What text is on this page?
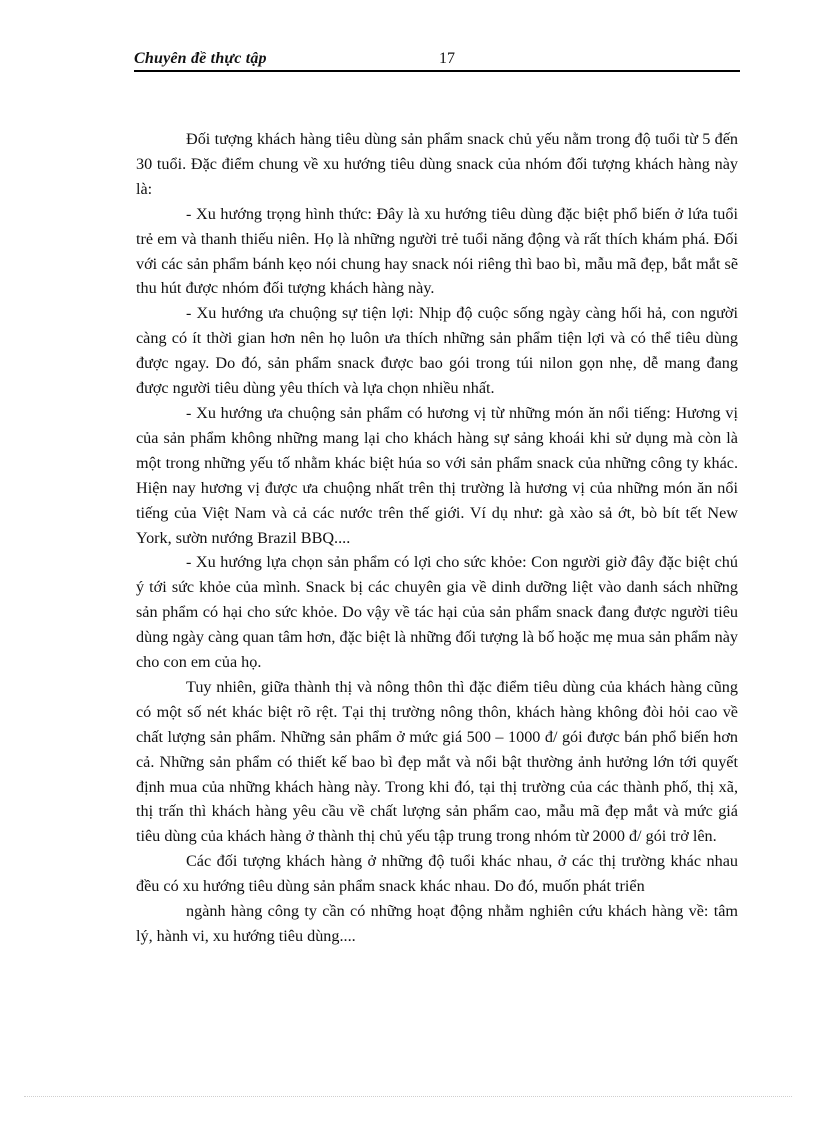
Chuyên đề thực tập	17

Đối tượng khách hàng tiêu dùng sản phẩm snack chủ yếu nằm trong độ tuổi từ 5 đến 30 tuổi. Đặc điểm chung về xu hướng tiêu dùng snack của nhóm đối tượng khách hàng này là:

- Xu hướng trọng hình thức: Đây là xu hướng tiêu dùng đặc biệt phổ biến ở lứa tuổi trẻ em và thanh thiếu niên. Họ là những người trẻ tuổi năng động và rất thích khám phá. Đối với các sản phẩm bánh kẹo nói chung hay snack nói riêng thì bao bì, mẫu mã đẹp, bắt mắt sẽ thu hút được nhóm đối tượng khách hàng này.

- Xu hướng ưa chuộng sự tiện lợi: Nhịp độ cuộc sống ngày càng hối hả, con người càng có ít thời gian hơn nên họ luôn ưa thích những sản phẩm tiện lợi và có thể tiêu dùng được ngay. Do đó, sản phẩm snack được bao gói trong túi nilon gọn nhẹ, dễ mang đang được người tiêu dùng yêu thích và lựa chọn nhiều nhất.

- Xu hướng ưa chuộng sản phẩm có hương vị từ những món ăn nổi tiếng: Hương vị của sản phẩm không những mang lại cho khách hàng sự sảng khoái khi sử dụng mà còn là một trong những yếu tố nhằm khác biệt húa so với sản phẩm snack của những công ty khác. Hiện nay hương vị được ưa chuộng nhất trên thị trường là hương vị của những món ăn nổi tiếng của Việt Nam và cả các nước trên thế giới. Ví dụ như: gà xào sả ớt, bò bít tết New York, sườn nướng Brazil BBQ....

- Xu hướng lựa chọn sản phẩm có lợi cho sức khỏe: Con người giờ đây đặc biệt chú ý tới sức khỏe của mình. Snack bị các chuyên gia về dinh dưỡng liệt vào danh sách những sản phẩm có hại cho sức khỏe. Do vậy về tác hại của sản phẩm snack đang được người tiêu dùng ngày càng quan tâm hơn, đặc biệt là những đối tượng là bố hoặc mẹ mua sản phẩm này cho con em của họ.

Tuy nhiên, giữa thành thị và nông thôn thì đặc điểm tiêu dùng của khách hàng cũng có một số nét khác biệt rõ rệt. Tại thị trường nông thôn, khách hàng không đòi hỏi cao về chất lượng sản phẩm. Những sản phẩm ở mức giá 500 – 1000 đ/ gói được bán phổ biến hơn cả. Những sản phẩm có thiết kế bao bì đẹp mắt và nổi bật thường ảnh hưởng lớn tới quyết định mua của những khách hàng này. Trong khi đó, tại thị trường của các thành phố, thị xã, thị trấn thì khách hàng yêu cầu về chất lượng sản phẩm cao, mẫu mã đẹp mắt và mức giá tiêu dùng của khách hàng ở thành thị chủ yếu tập trung trong nhóm từ 2000 đ/ gói trở lên.

Các đối tượng khách hàng ở những độ tuổi khác nhau, ở các thị trường khác nhau đều có xu hướng tiêu dùng sản phẩm snack khác nhau. Do đó, muốn phát triển

ngành hàng công ty cần có những hoạt động nhằm nghiên cứu khách hàng về: tâm lý, hành vi, xu hướng tiêu dùng....
